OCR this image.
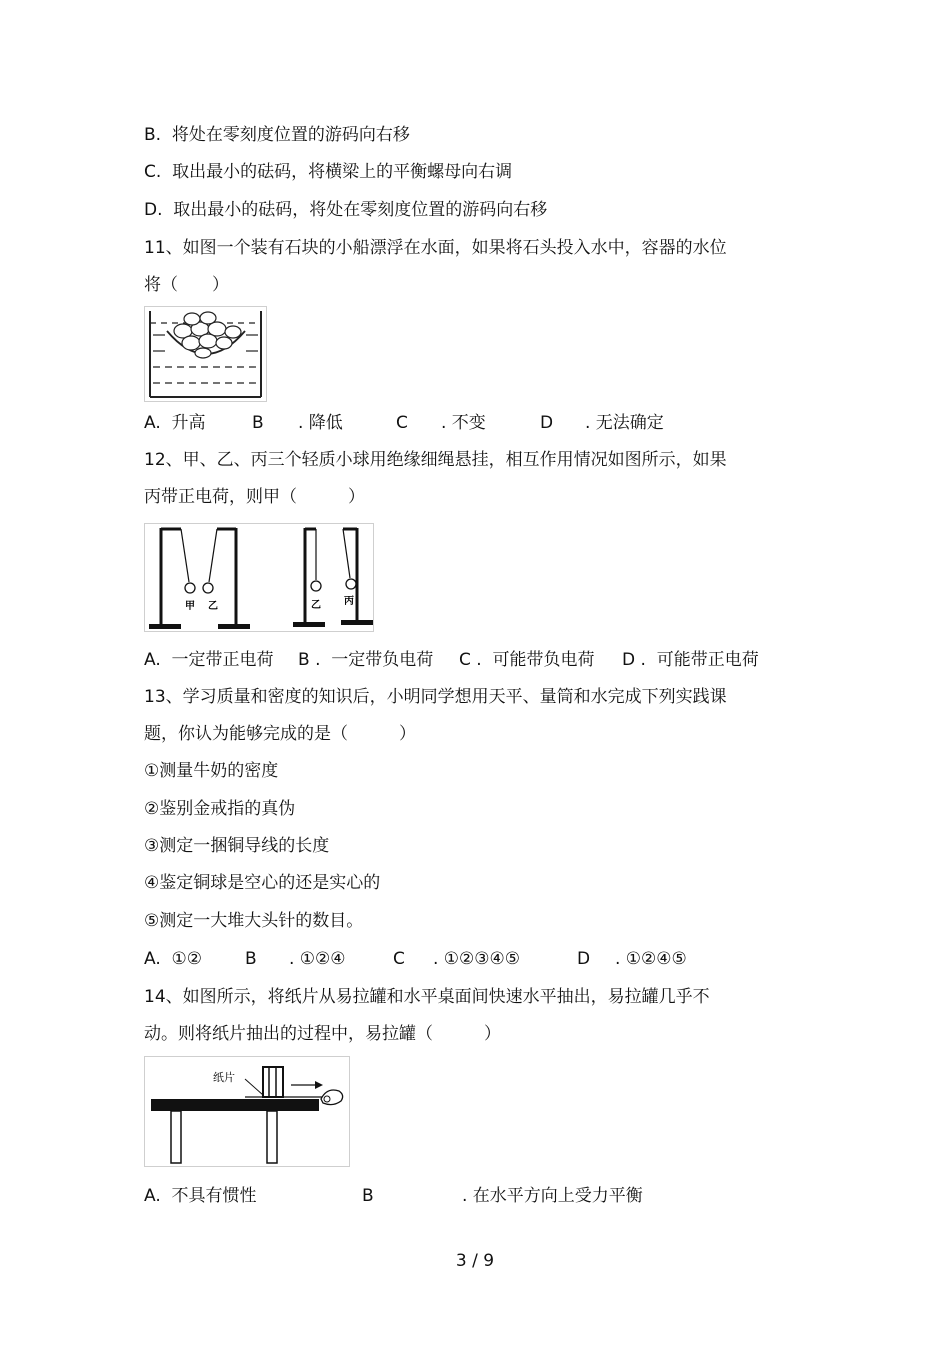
B.  将处在零刻度位置的游码向右移
C.  取出最小的砝码，将横梁上的平衡螺母向右调
D.  取出最小的砝码，将处在零刻度位置的游码向右移
11、如图一个装有石块的小船漂浮在水面，如果将石头投入水中，容器的水位
将（　　）
A.  升高	B . 降低	C . 不变	D . 无法确定
12、甲、乙、丙三个轻质小球用绝缘细绳悬挂，相互作用情况如图所示，如果
丙带正电荷，则甲（　　　）
甲 乙	乙 丙
A.  一定带正电荷 B .  一定带负电荷 C .  可能带负电荷 D .  可能带正电荷
13、学习质量和密度的知识后，小明同学想用天平、量筒和水完成下列实践课
题，你认为能够完成的是（　　　）
①测量牛奶的密度
②鉴别金戒指的真伪
③测定一捆铜导线的长度
④鉴定铜球是空心的还是实心的
⑤测定一大堆大头针的数目。
A.  ①②	B . ①②④	C . ①②③④⑤	D . ①②④⑤
14、如图所示，将纸片从易拉罐和水平桌面间快速水平抽出，易拉罐几乎不
动。则将纸片抽出的过程中，易拉罐（　　　）
纸片
A.  不具有惯性	B	. 在水平方向上受力平衡
3 / 9
